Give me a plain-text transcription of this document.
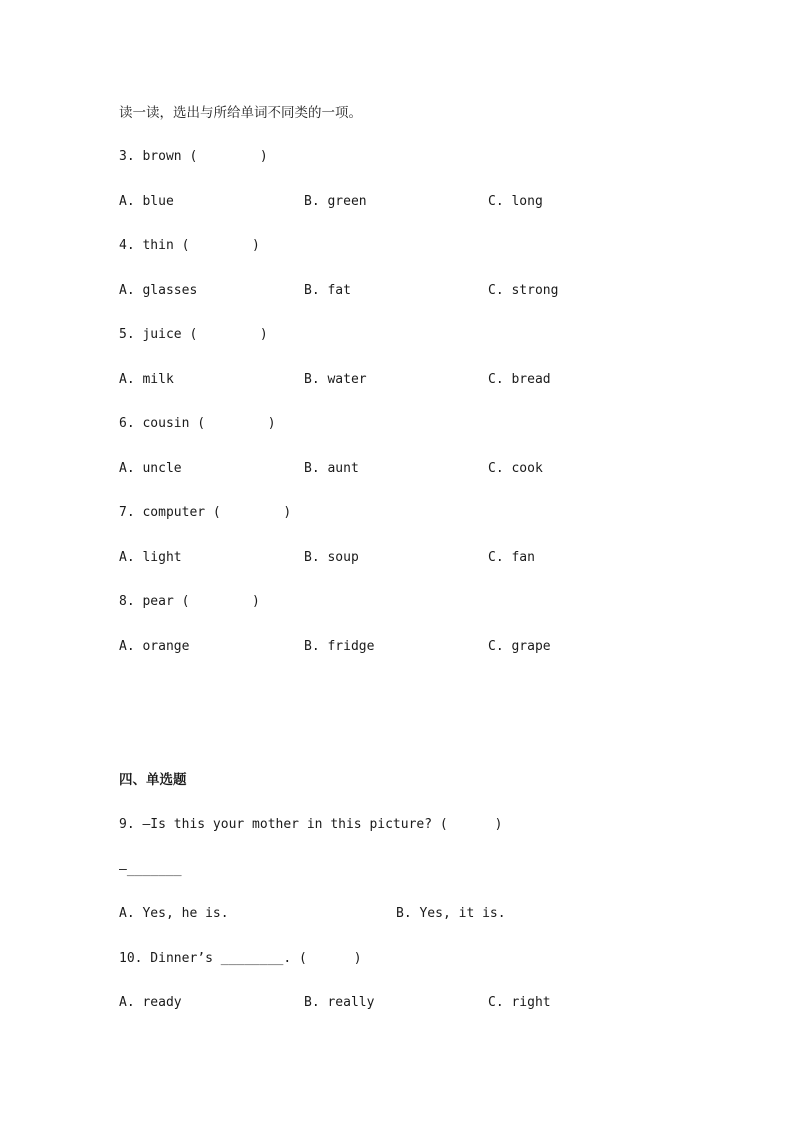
读一读，选出与所给单词不同类的一项。
3. brown (        )
A. blue	B. green	C. long
4. thin (        )
A. glasses	B. fat	C. strong
5. juice (        )
A. milk	B. water	C. bread
6. cousin (        )
A. uncle	B. aunt	C. cook
7. computer (        )
A. light	B. soup	C. fan
8. pear (        )
A. orange	B. fridge	C. grape
四、单选题
9. —Is this your mother in this picture? (      )
—_______
A. Yes, he is.	B. Yes, it is.
10. Dinner’s ________. (      )
A. ready	B. really	C. right
